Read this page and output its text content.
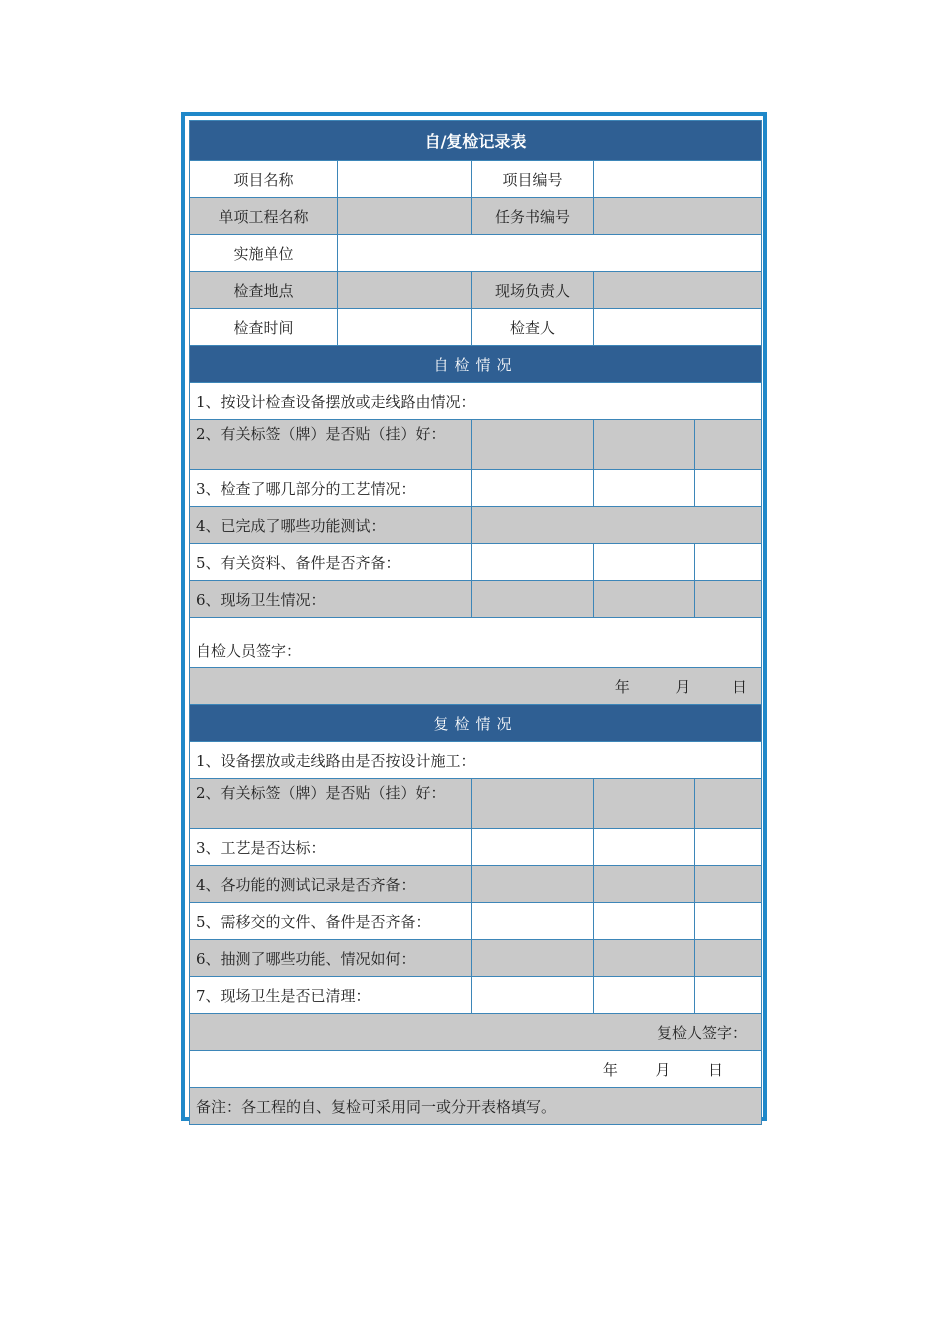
自/复检记录表				
项目名称		项目编号		
单项工程名称		任务书编号		
实施单位				
检查地点		现场负责人		
检查时间		检查人		
自检情况				
1、按设计检查设备摆放或走线路由情况：				
2、有关标签（牌）是否贴（挂）好：				
3、检查了哪几部分的工艺情况：				
4、已完成了哪些功能测试：				
5、有关资料、备件是否齐备：				
6、现场卫生情况：				
自检人员签字：				
年 月 日				
复检情况				
1、设备摆放或走线路由是否按设计施工：				
2、有关标签（牌）是否贴（挂）好：				
3、工艺是否达标：				
4、各功能的测试记录是否齐备：				
5、需移交的文件、备件是否齐备：				
6、抽测了哪些功能、情况如何：				
7、现场卫生是否已清理：				
复检人签字：				
年 月 日				
备注：各工程的自、复检可采用同一或分开表格填写。				
